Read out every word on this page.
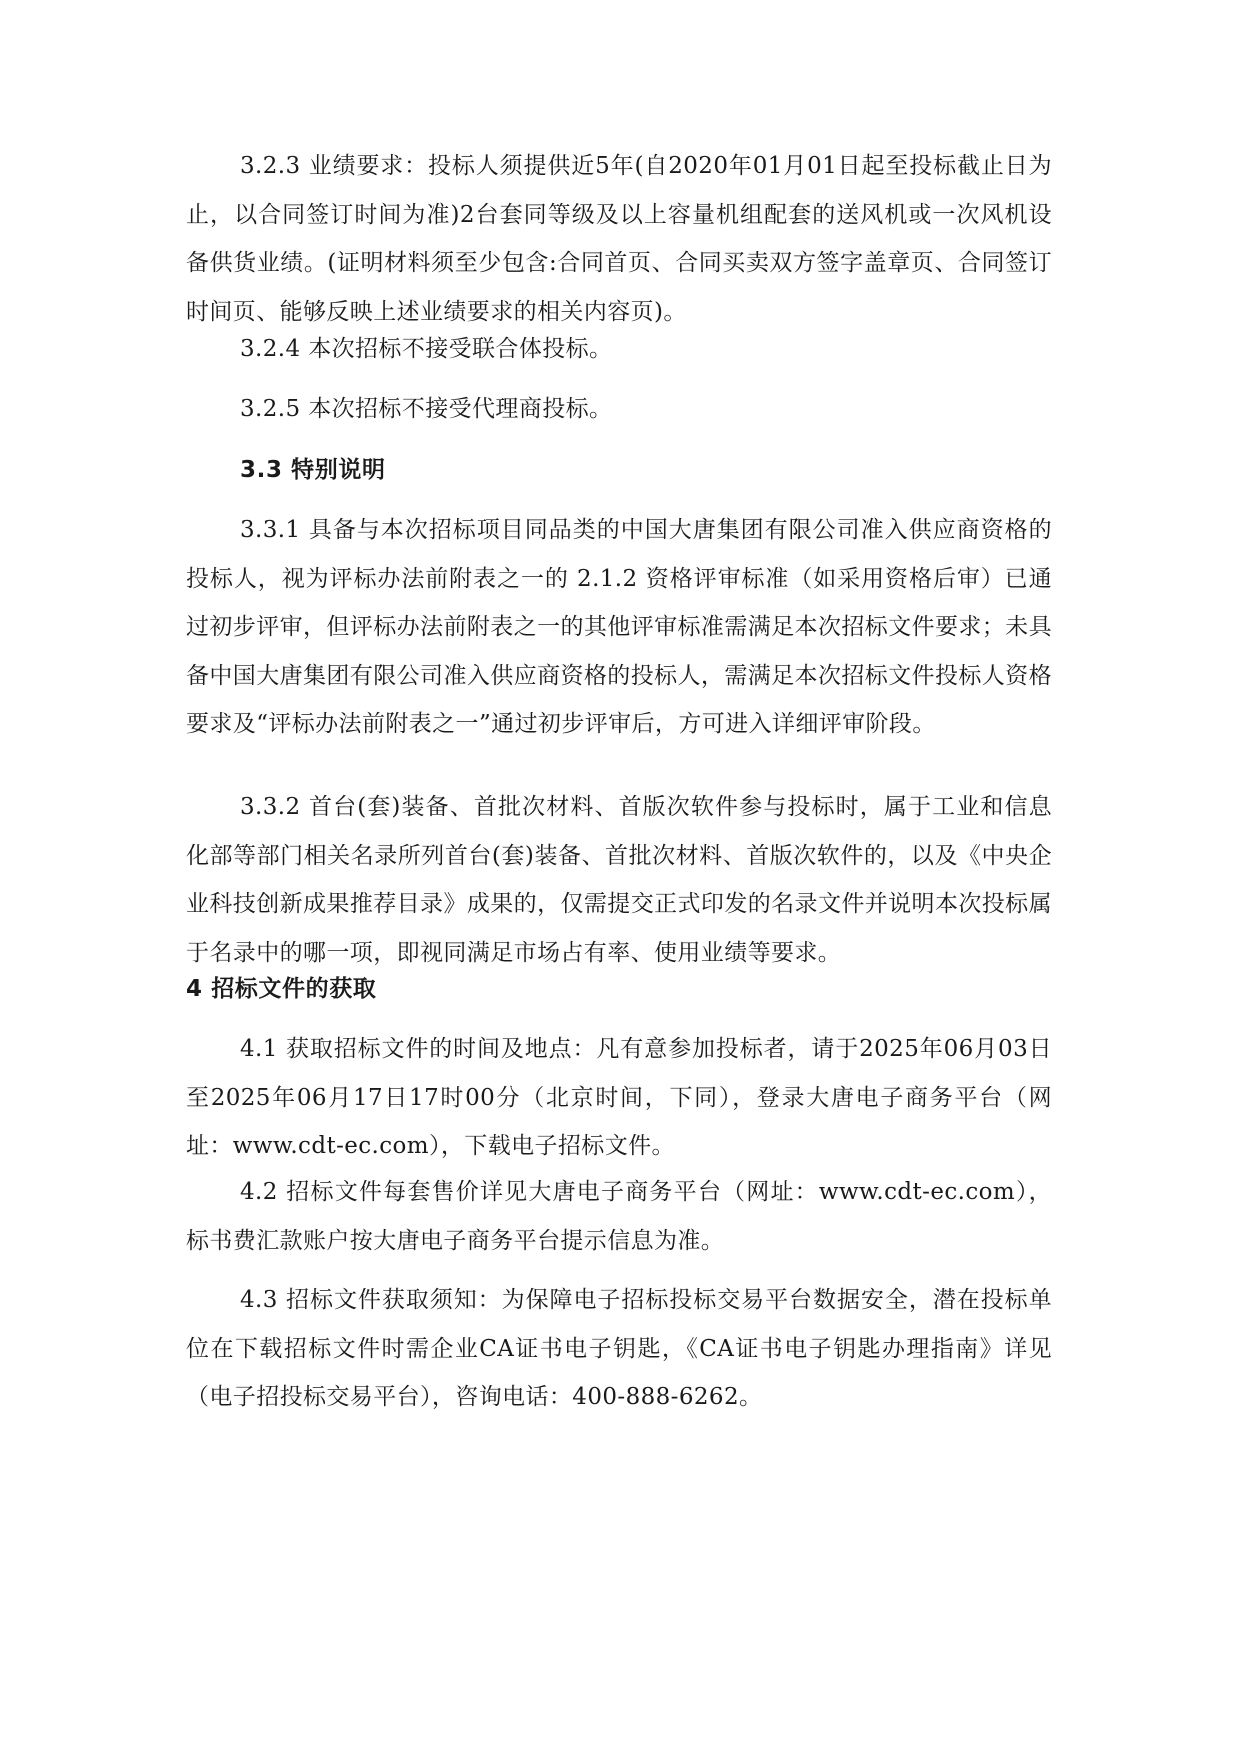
3.2.3 业绩要求：投标人须提供近5年(自2020年01月01日起至投标截止日为止，以合同签订时间为准)2台套同等级及以上容量机组配套的送风机或一次风机设备供货业绩。(证明材料须至少包含:合同首页、合同买卖双方签字盖章页、合同签订时间页、能够反映上述业绩要求的相关内容页)。

3.2.4 本次招标不接受联合体投标。

3.2.5 本次招标不接受代理商投标。

3.3 特别说明

3.3.1 具备与本次招标项目同品类的中国大唐集团有限公司准入供应商资格的投标人，视为评标办法前附表之一的 2.1.2 资格评审标准（如采用资格后审）已通过初步评审，但评标办法前附表之一的其他评审标准需满足本次招标文件要求；未具备中国大唐集团有限公司准入供应商资格的投标人，需满足本次招标文件投标人资格要求及“评标办法前附表之一”通过初步评审后，方可进入详细评审阶段。

3.3.2 首台(套)装备、首批次材料、首版次软件参与投标时，属于工业和信息化部等部门相关名录所列首台(套)装备、首批次材料、首版次软件的，以及《中央企业科技创新成果推荐目录》成果的，仅需提交正式印发的名录文件并说明本次投标属于名录中的哪一项，即视同满足市场占有率、使用业绩等要求。

4 招标文件的获取

4.1 获取招标文件的时间及地点：凡有意参加投标者，请于2025年06月03日至2025年06月17日17时00分（北京时间，下同），登录大唐电子商务平台（网址：www.cdt-ec.com），下载电子招标文件。

4.2 招标文件每套售价详见大唐电子商务平台（网址：www.cdt-ec.com），标书费汇款账户按大唐电子商务平台提示信息为准。

4.3 招标文件获取须知：为保障电子招标投标交易平台数据安全，潜在投标单位在下载招标文件时需企业CA证书电子钥匙，《CA证书电子钥匙办理指南》详见（电子招投标交易平台），咨询电话：400-888-6262。
